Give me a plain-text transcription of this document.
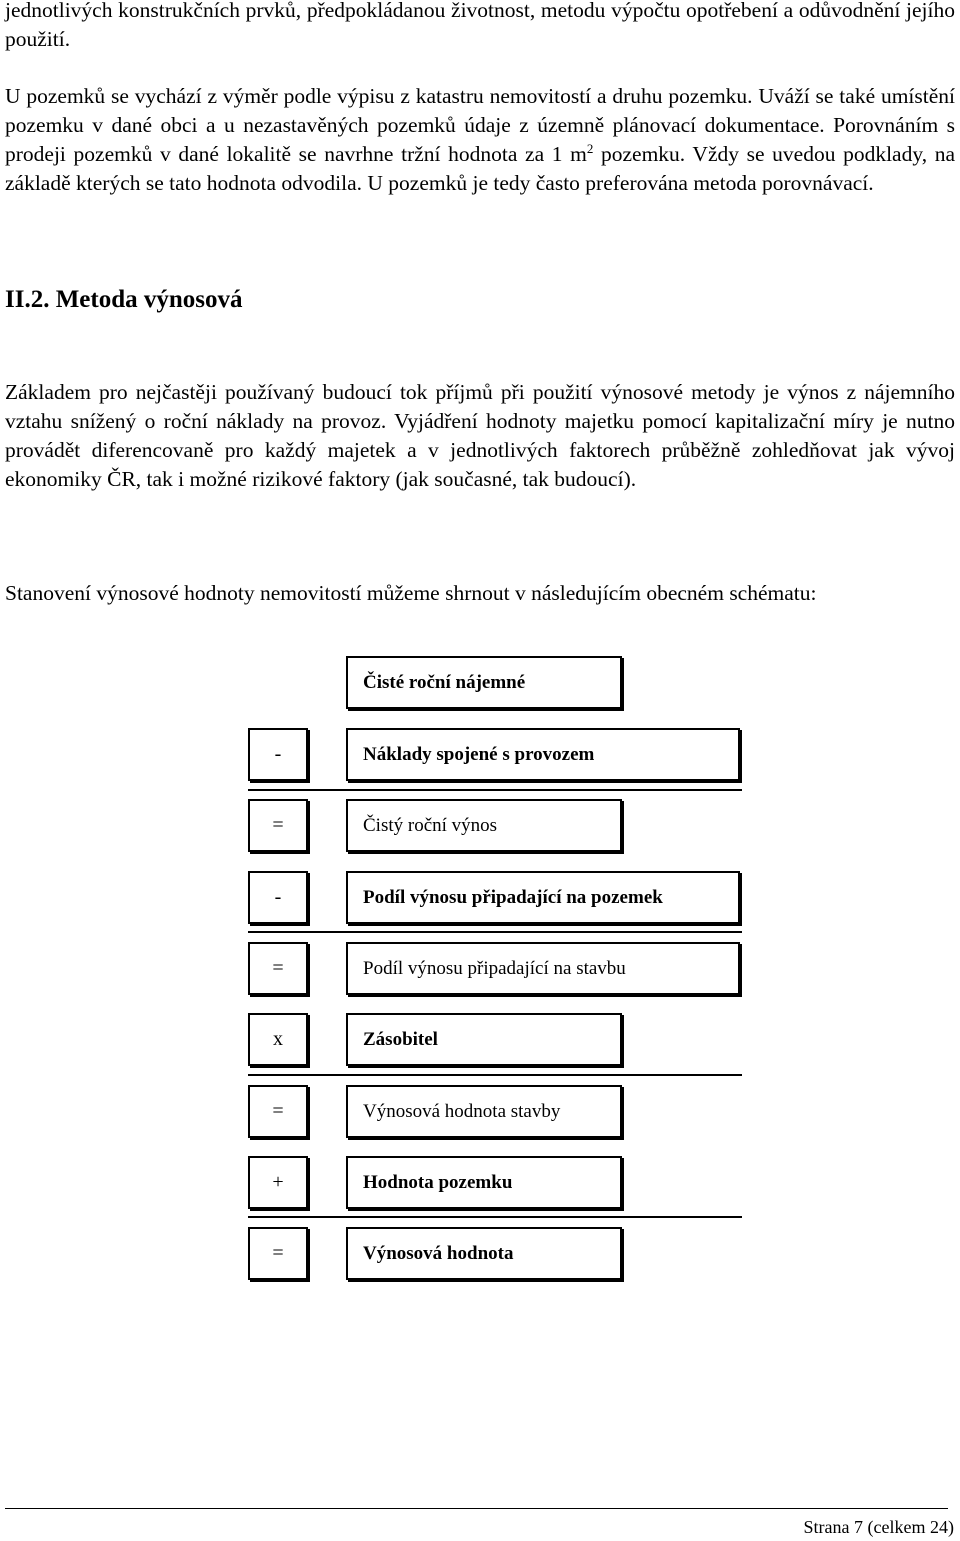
jednotlivých konstrukčních prvků, předpokládanou životnost, metodu výpočtu opotřebení a odůvodnění jejího použití.

U pozemků se vychází z výměr podle výpisu z katastru nemovitostí a druhu pozemku. Uváží se také umístění pozemku v dané obci a u nezastavěných pozemků údaje z územně plánovací dokumentace. Porovnáním s prodeji pozemků v dané lokalitě se navrhne tržní hodnota za 1 $m^2$ pozemku. Vždy se uvedou podklady, na základě kterých se tato hodnota odvodila. U pozemků je tedy často preferována metoda porovnávací.
II.2. Metoda výnosová
Základem pro nejčastěji používaný budoucí tok příjmů při použití výnosové metody je výnos z nájemního vztahu snížený o roční náklady na provoz. Vyjádření hodnoty majetku pomocí kapitalizační míry je nutno provádět diferencovaně pro každý majetek a v jednotlivých faktorech průběžně zohledňovat jak vývoj ekonomiky ČR, tak i možné rizikové faktory (jak současné, tak budoucí).

Stanovení výnosové hodnoty nemovitostí můžeme shrnout v následujícím obecném schématu:

Čisté roční nájemné
-	Náklady spojené s provozem
=	Čistý roční výnos
-	Podíl výnosu připadající na pozemek
=	Podíl výnosu připadající na stavbu
x	Zásobitel
=	Výnosová hodnota stavby
+	Hodnota pozemku
=	Výnosová hodnota
Strana 7 (celkem 24)
